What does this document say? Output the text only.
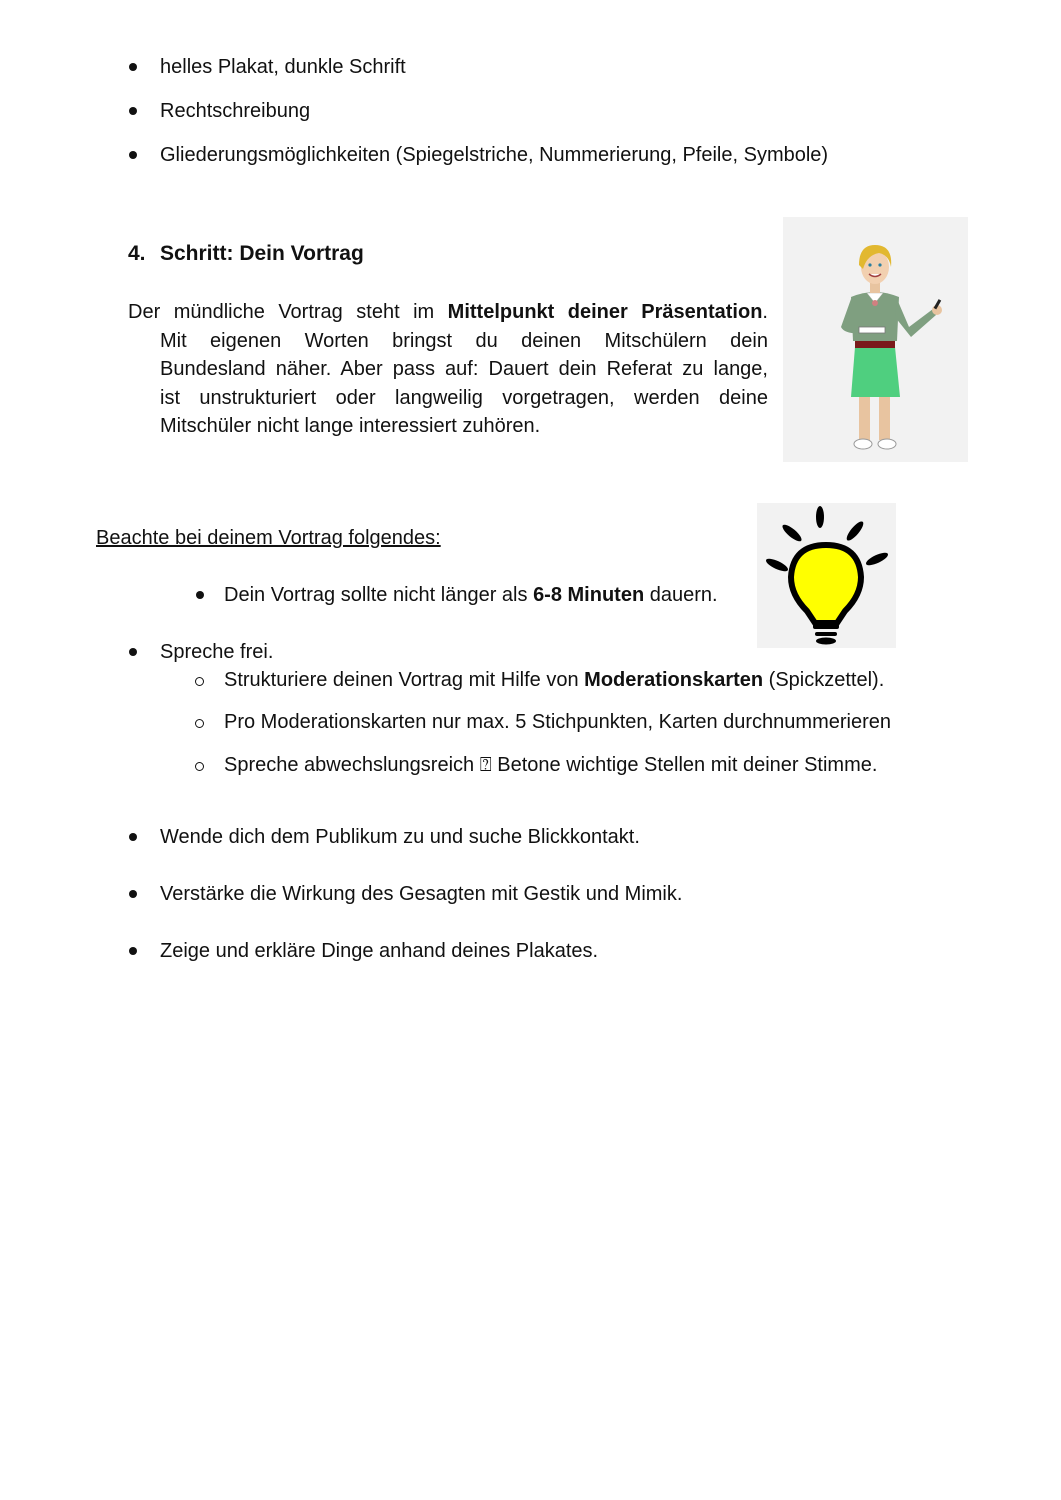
helles Plakat, dunkle Schrift
Rechtschreibung
Gliederungsmöglichkeiten (Spiegelstriche, Nummerierung, Pfeile, Symbole)
4. Schritt: Dein Vortrag
Der mündliche Vortrag steht im Mittelpunkt deiner Präsentation.
Mit eigenen Worten bringst du deinen Mitschülern dein
Bundesland näher. Aber pass auf: Dauert dein Referat zu lange,
ist unstrukturiert oder langweilig vorgetragen, werden deine
Mitschüler nicht lange interessiert zuhören.
Beachte bei deinem Vortrag folgendes:
Dein Vortrag sollte nicht länger als 6-8 Minuten dauern.
Spreche frei.
Strukturiere deinen Vortrag mit Hilfe von Moderationskarten (Spickzettel).
Pro Moderationskarten nur max. 5 Stichpunkten, Karten durchnummerieren
Spreche abwechslungsreich ⍰ Betone wichtige Stellen mit deiner Stimme.
Wende dich dem Publikum zu und suche Blickkontakt.
Verstärke die Wirkung des Gesagten mit Gestik und Mimik.
Zeige und erkläre Dinge anhand deines Plakates.
